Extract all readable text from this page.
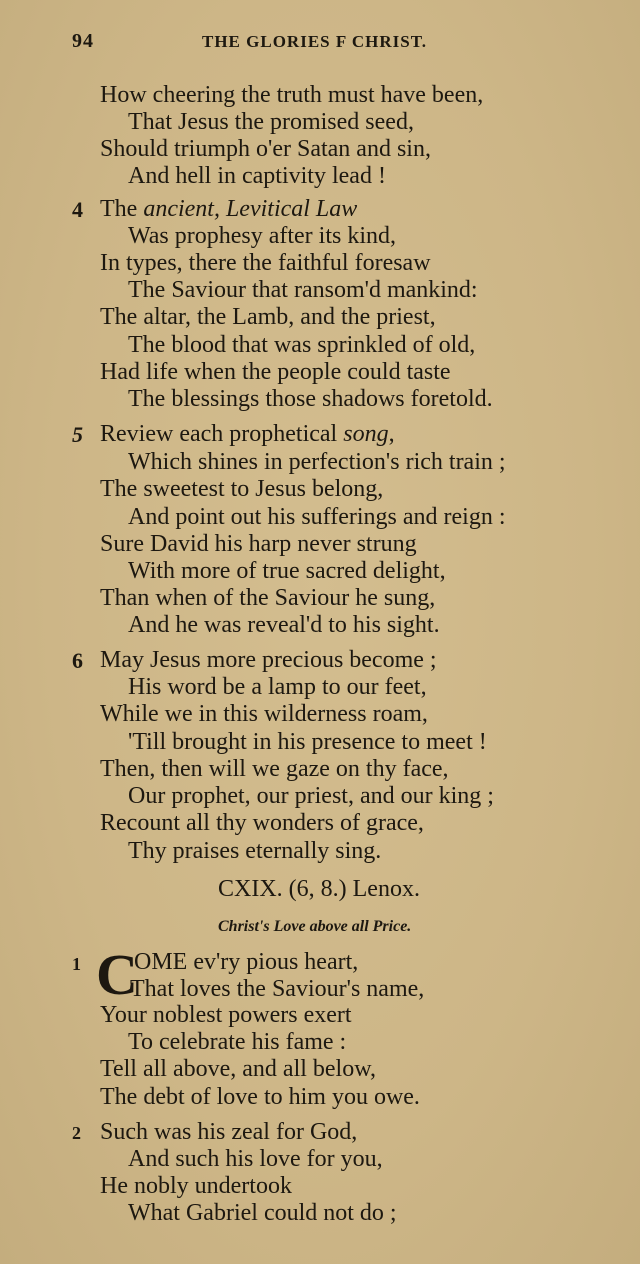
94	THE GLORIES F CHRIST.
How cheering the truth must have been,
That Jesus the promised seed,
Should triumph o'er Satan and sin,
And hell in captivity lead !
4 The ancient, Levitical Law
Was prophesy after its kind,
In types, there the faithful foresaw
The Saviour that ransom'd mankind:
The altar, the Lamb, and the priest,
The blood that was sprinkled of old,
Had life when the people could taste
The blessings those shadows foretold.
5 Review each prophetical song,
Which shines in perfection's rich train ;
The sweetest to Jesus belong,
And point out his sufferings and reign :
Sure David his harp never strung
With more of true sacred delight,
Than when of the Saviour he sung,
And he was reveal'd to his sight.
6 May Jesus more precious become ;
His word be a lamp to our feet,
While we in this wilderness roam,
'Till brought in his presence to meet !
Then, then will we gaze on thy face,
Our prophet, our priest, and our king ;
Recount all thy wonders of grace,
Thy praises eternally sing.
CXIX. (6, 8.) Lenox.
Christ's Love above all Price.
1 C
OME ev'ry pious heart,
That loves the Saviour's name,
Your noblest powers exert
To celebrate his fame :
Tell all above, and all below,
The debt of love to him you owe.
2 Such was his zeal for God,
And such his love for you,
He nobly undertook
What Gabriel could not do ;
